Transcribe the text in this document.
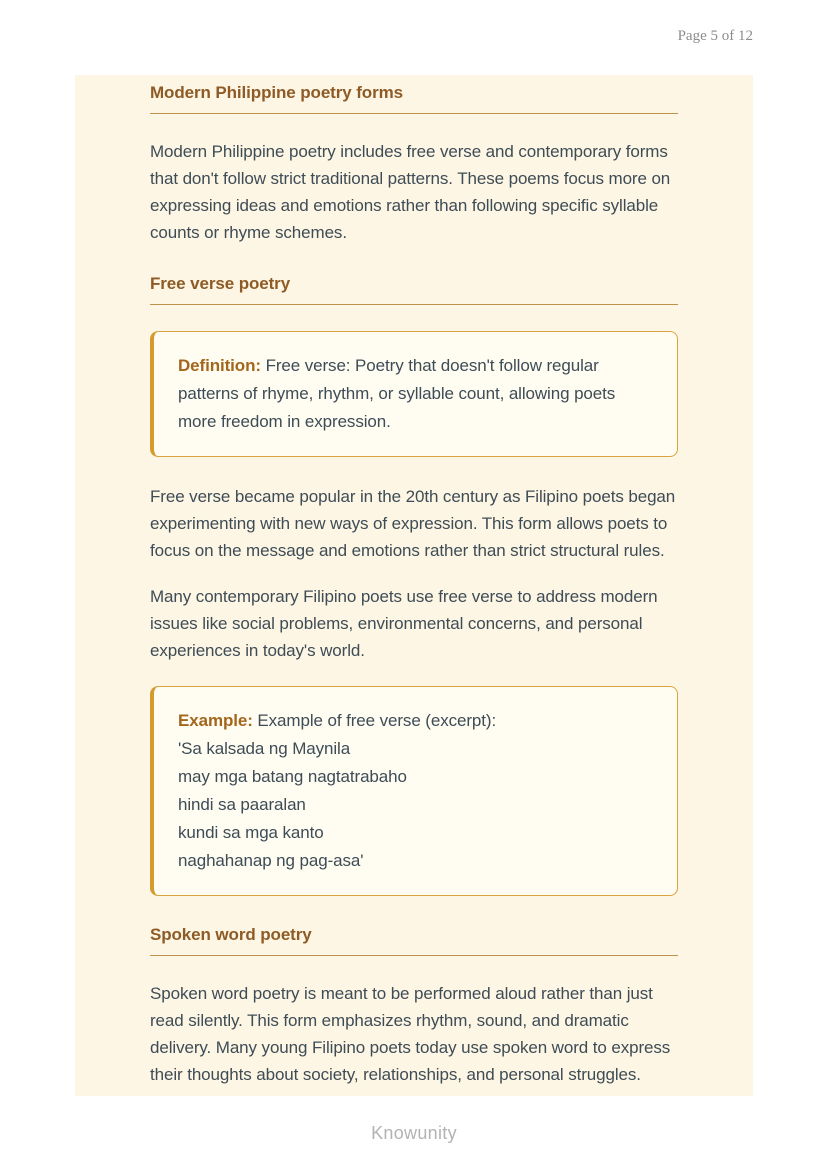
Page 5 of 12
Modern Philippine poetry forms

Modern Philippine poetry includes free verse and contemporary forms that don't follow strict traditional patterns. These poems focus more on expressing ideas and emotions rather than following specific syllable counts or rhyme schemes.

Free verse poetry
Definition: Free verse: Poetry that doesn't follow regular patterns of rhyme, rhythm, or syllable count, allowing poets more freedom in expression.

Free verse became popular in the 20th century as Filipino poets began experimenting with new ways of expression. This form allows poets to focus on the message and emotions rather than strict structural rules.

Many contemporary Filipino poets use free verse to address modern issues like social problems, environmental concerns, and personal experiences in today's world.

Example: Example of free verse (excerpt):
'Sa kalsada ng Maynila
may mga batang nagtatrabaho
hindi sa paaralan
kundi sa mga kanto
naghahanap ng pag-asa'
Spoken word poetry

Spoken word poetry is meant to be performed aloud rather than just read silently. This form emphasizes rhythm, sound, and dramatic delivery. Many young Filipino poets today use spoken word to express their thoughts about society, relationships, and personal struggles.

Knowunity
